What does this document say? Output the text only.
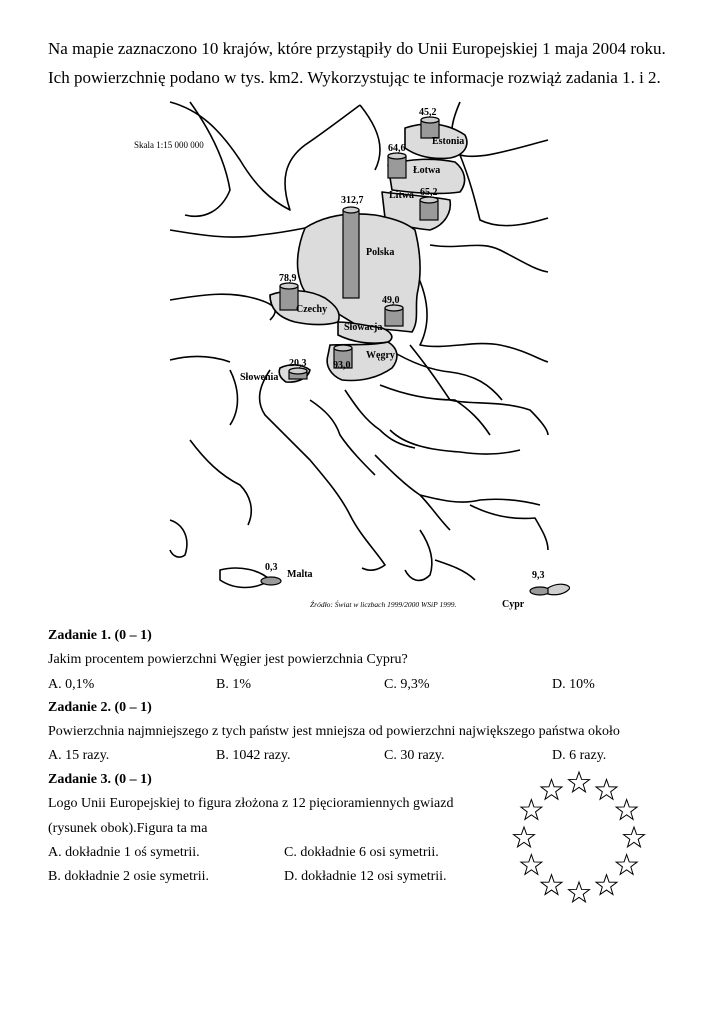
Na mapie zaznaczono 10 krajów, które przystąpiły do Unii Europejskiej 1 maja 2004 roku.

Ich powierzchnię podano w tys. km2. Wykorzystując te informacje rozwiąż zadania 1. i 2.

Skala 1:15 000 000
Źródło: Świat w liczbach 1999/2000 WSiP 1999.
45,2
64,6
65,2
312,7
78,9
49,0
93,0
20,3
0,3
9,3
Estonia
Łotwa
Litwa
Polska
Czechy
Słowacja
Węgry
Słowenia
Malta
Cypr
Zadanie 1. (0 – 1)
Jakim procentem powierzchni Węgier jest powierzchnia Cypru?
A. 0,1%	B. 1%	C. 9,3%	D. 10%
Zadanie 2. (0 – 1)
Powierzchnia najmniejszego z tych państw jest mniejsza od powierzchni największego państwa około
A. 15 razy.	B. 1042 razy.	C. 30 razy.	D. 6 razy.
Zadanie 3. (0 – 1)
Logo Unii Europejskiej to figura złożona z 12 pięcioramiennych gwiazd
(rysunek obok).Figura ta ma
A. dokładnie 1 oś symetrii.	C. dokładnie 6 osi symetrii.
B. dokładnie 2 osie symetrii.	D. dokładnie 12 osi symetrii.
